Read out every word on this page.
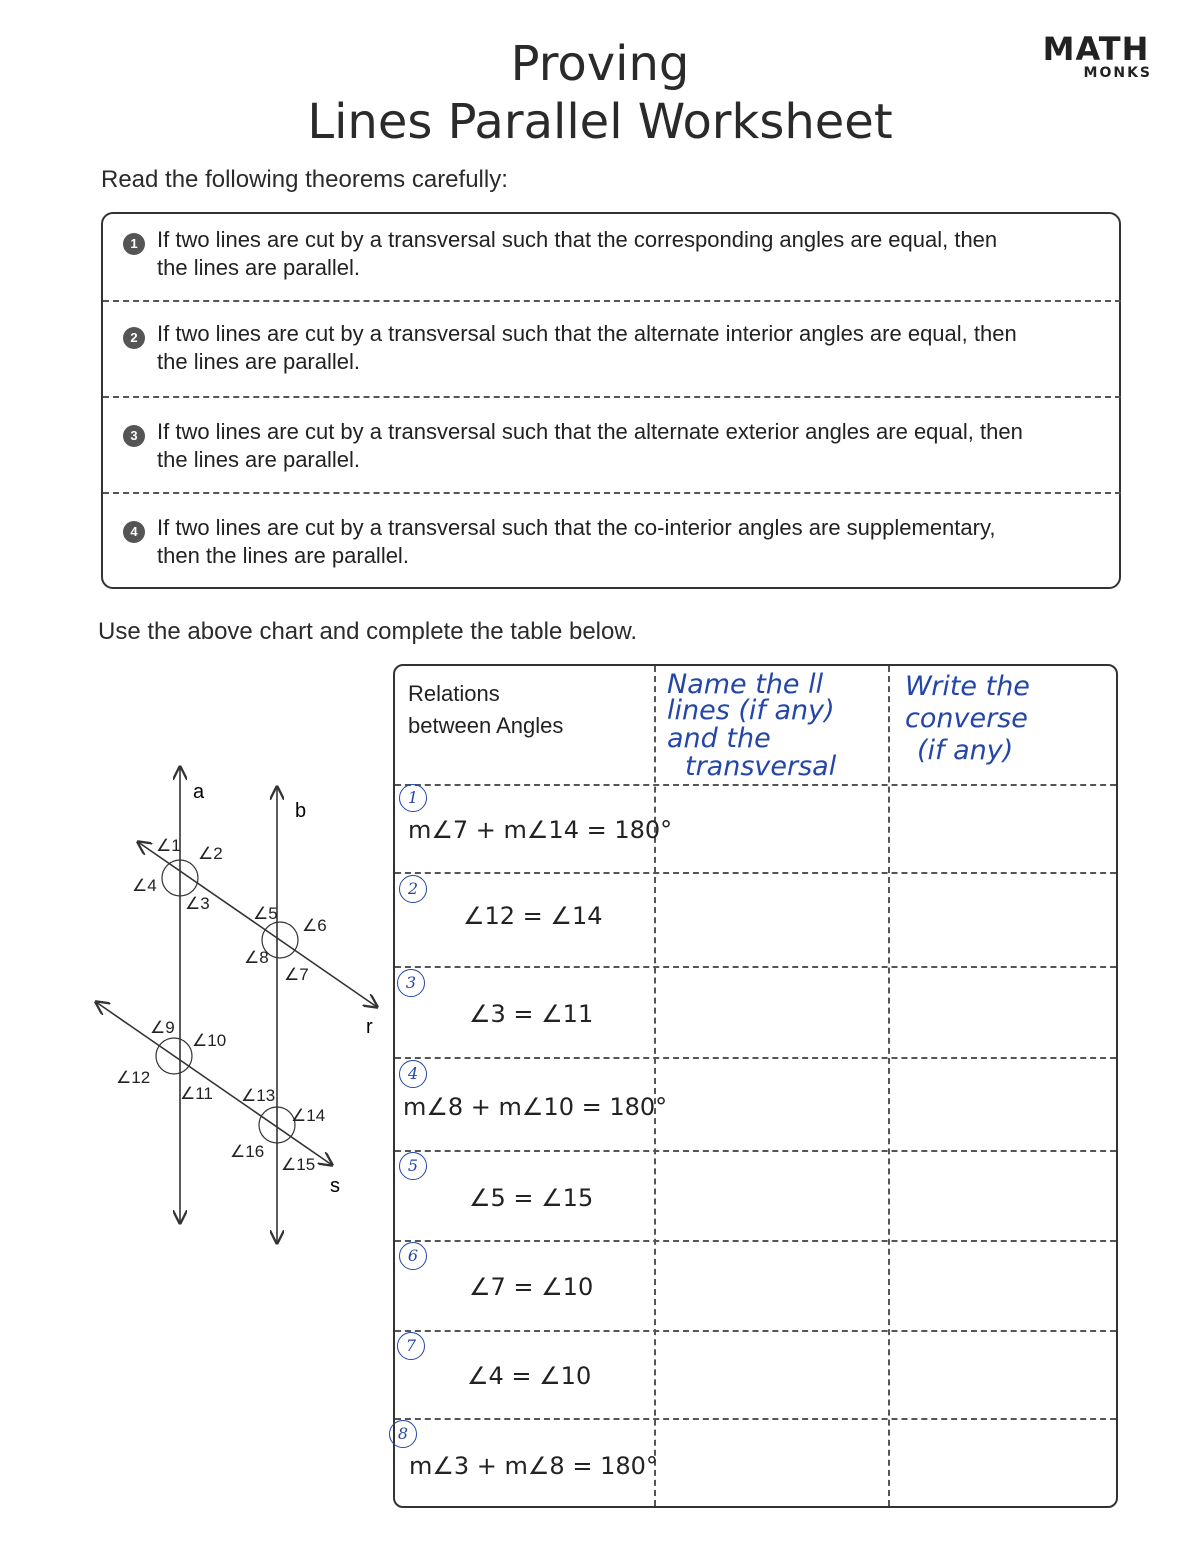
Proving
Lines Parallel Worksheet
MATH
MONKS
Read the following theorems carefully:
1 If two lines are cut by a transversal such that the corresponding angles are equal, then
the lines are parallel.
2 If two lines are cut by a transversal such that the alternate interior angles are equal, then
the lines are parallel.
3 If two lines are cut by a transversal such that the alternate exterior angles are equal, then
the lines are parallel.
4 If two lines are cut by a transversal such that the co-interior angles are supplementary,
then the lines are parallel.
Use the above chart and complete the table below.
a
b
r
s
∠1 ∠2
∠3
∠4
∠5
∠6
∠7
∠8
∠9
∠10
∠11
∠12
∠13
∠14
∠15
∠16
Relations
between Angles
Name the ll
lines (if any)
and the
transversal
Write the
converse
(if any)
1
m∠7 + m∠14 = 180°
2
∠12 = ∠14
3
∠3 = ∠11
4
m∠8 + m∠10 = 180°
5
∠5 = ∠15
6
∠7 = ∠10
7
∠4 = ∠10
8
m∠3 + m∠8 = 180°
